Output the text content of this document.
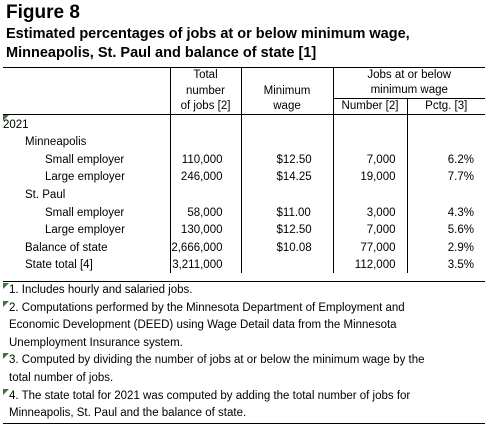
Figure 8
Estimated percentages of jobs at or below minimum wage,
Minneapolis, St. Paul and balance of state [1]
	Total		Jobs at or below	
	number	Minimum	minimum wage	
	of jobs [2]	wage	Number [2]	Pctg. [3]

2021				
Minneapolis				
Small employer	110,000	$12.50	7,000	6.2%
Large employer	246,000	$14.25	19,000	7.7%
St. Paul				
Small employer	58,000	$11.00	3,000	4.3%
Large employer	130,000	$12.50	7,000	5.6%
Balance of state	2,666,000	$10.08	77,000	2.9%
State total [4]	3,211,000		112,000	3.5%
1. Includes hourly and salaried jobs.
2. Computations performed by the Minnesota Department of Employment and
Economic Development (DEED) using Wage Detail data from the Minnesota
Unemployment Insurance system.
3. Computed by dividing the number of jobs at or below the minimum wage by the
total number of jobs.
4. The state total for 2021 was computed by adding the total number of jobs for
Minneapolis, St. Paul and the balance of state.
